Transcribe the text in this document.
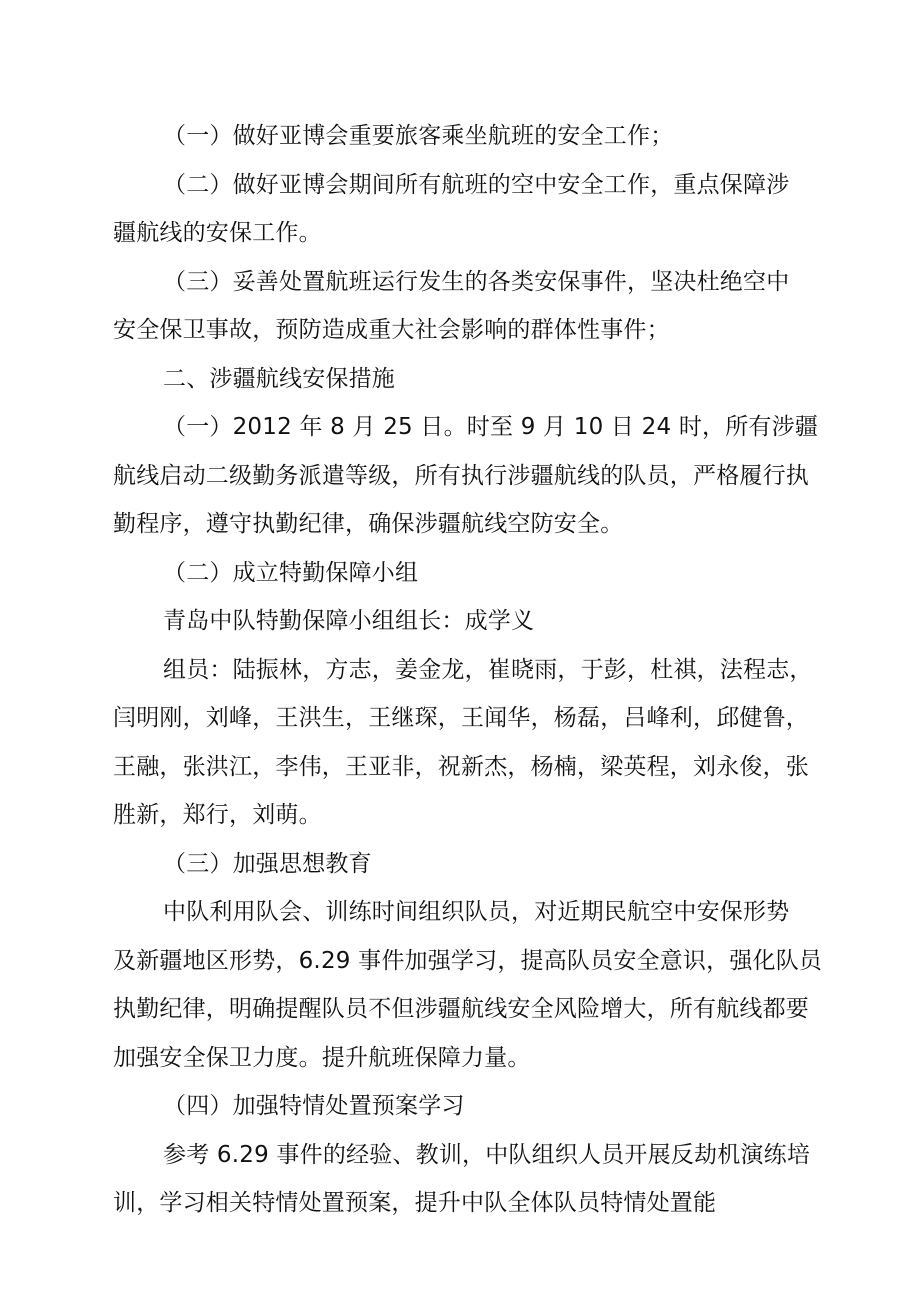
（一）做好亚博会重要旅客乘坐航班的安全工作；
（二）做好亚博会期间所有航班的空中安全工作，重点保障涉
疆航线的安保工作。
（三）妥善处置航班运行发生的各类安保事件，坚决杜绝空中
安全保卫事故，预防造成重大社会影响的群体性事件；
二、涉疆航线安保措施
（一）2012 年 8 月 25 日。时至 9 月 10 日 24 时，所有涉疆
航线启动二级勤务派遣等级，所有执行涉疆航线的队员，严格履行执
勤程序，遵守执勤纪律，确保涉疆航线空防安全。
（二）成立特勤保障小组
青岛中队特勤保障小组组长：成学义
组员：陆振林，方志，姜金龙，崔晓雨，于彭，杜祺，法程志，
闫明刚，刘峰，王洪生，王继琛，王闻华，杨磊，吕峰利，邱健鲁，
王融，张洪江，李伟，王亚非，祝新杰，杨楠，梁英程，刘永俊，张
胜新，郑行，刘萌。
（三）加强思想教育
中队利用队会、训练时间组织队员，对近期民航空中安保形势
及新疆地区形势，6.29 事件加强学习，提高队员安全意识，强化队员
执勤纪律，明确提醒队员不但涉疆航线安全风险增大，所有航线都要
加强安全保卫力度。提升航班保障力量。
（四）加强特情处置预案学习
参考 6.29 事件的经验、教训，中队组织人员开展反劫机演练培
训，学习相关特情处置预案，提升中队全体队员特情处置能
